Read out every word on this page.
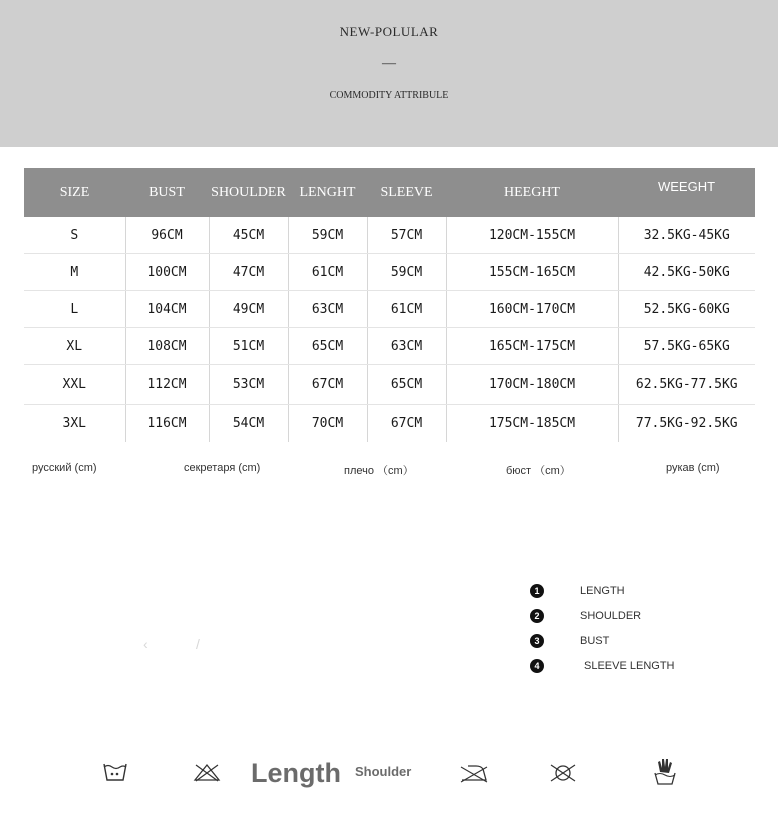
NEW-POLULAR
—
COMMODITY ATTRIBULE
SIZE	BUST	SHOULDER	LENGHT	SLEEVE	HEEGHT	WEEGHT
S	96CM	45CM	59CM	57CM	120CM-155CM	32.5KG-45KG
M	100CM	47CM	61CM	59CM	155CM-165CM	42.5KG-50KG
L	104CM	49CM	63CM	61CM	160CM-170CM	52.5KG-60KG
XL	108CM	51CM	65CM	63CM	165CM-175CM	57.5KG-65KG
XXL	112CM	53CM	67CM	65CM	170CM-180CM	62.5KG-77.5KG
3XL	116CM	54CM	70CM	67CM	175CM-185CM	77.5KG-92.5KG
русский (cm)	секретаря (cm)	плечо （cm）	бюст （cm）	рукав (cm)
‹	/
1	LENGTH
2	SHOULDER
3	BUST
4	SLEEVE LENGTH
Length Shoulder
